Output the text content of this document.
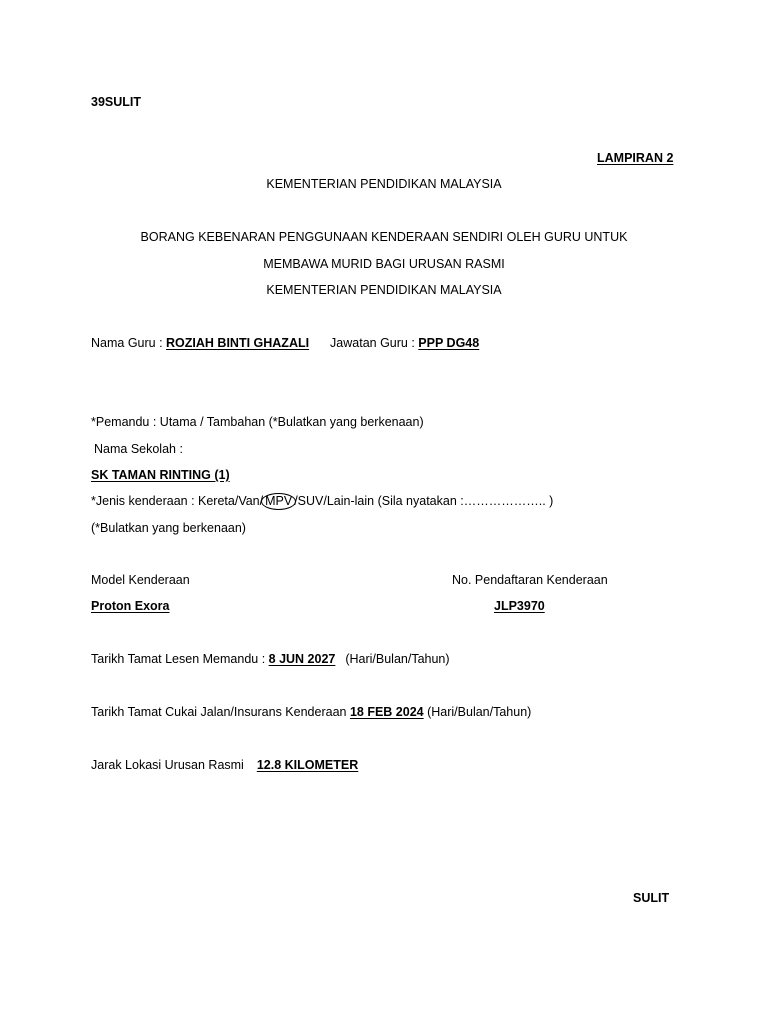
39SULIT
LAMPIRAN 2
KEMENTERIAN PENDIDIKAN MALAYSIA
BORANG KEBENARAN PENGGUNAAN KENDERAAN SENDIRI OLEH GURU UNTUK
MEMBAWA MURID BAGI URUSAN RASMI
KEMENTERIAN PENDIDIKAN MALAYSIA
Nama Guru : ROZIAH BINTI GHAZALI Jawatan Guru : PPP DG48
*Pemandu : Utama / Tambahan (*Bulatkan yang berkenaan)
Nama Sekolah :
SK TAMAN RINTING (1)
*Jenis kenderaan : Kereta/Van/ MPV /SUV/Lain-lain (Sila nyatakan :……………….. )
(*Bulatkan yang berkenaan)
Model Kenderaan	No. Pendaftaran Kenderaan
Proton Exora	JLP3970
Tarikh Tamat Lesen Memandu : 8 JUN 2027 (Hari/Bulan/Tahun)
Tarikh Tamat Cukai Jalan/Insurans Kenderaan 18 FEB 2024 (Hari/Bulan/Tahun)
Jarak Lokasi Urusan Rasmi 12.8 KILOMETER
SULIT
